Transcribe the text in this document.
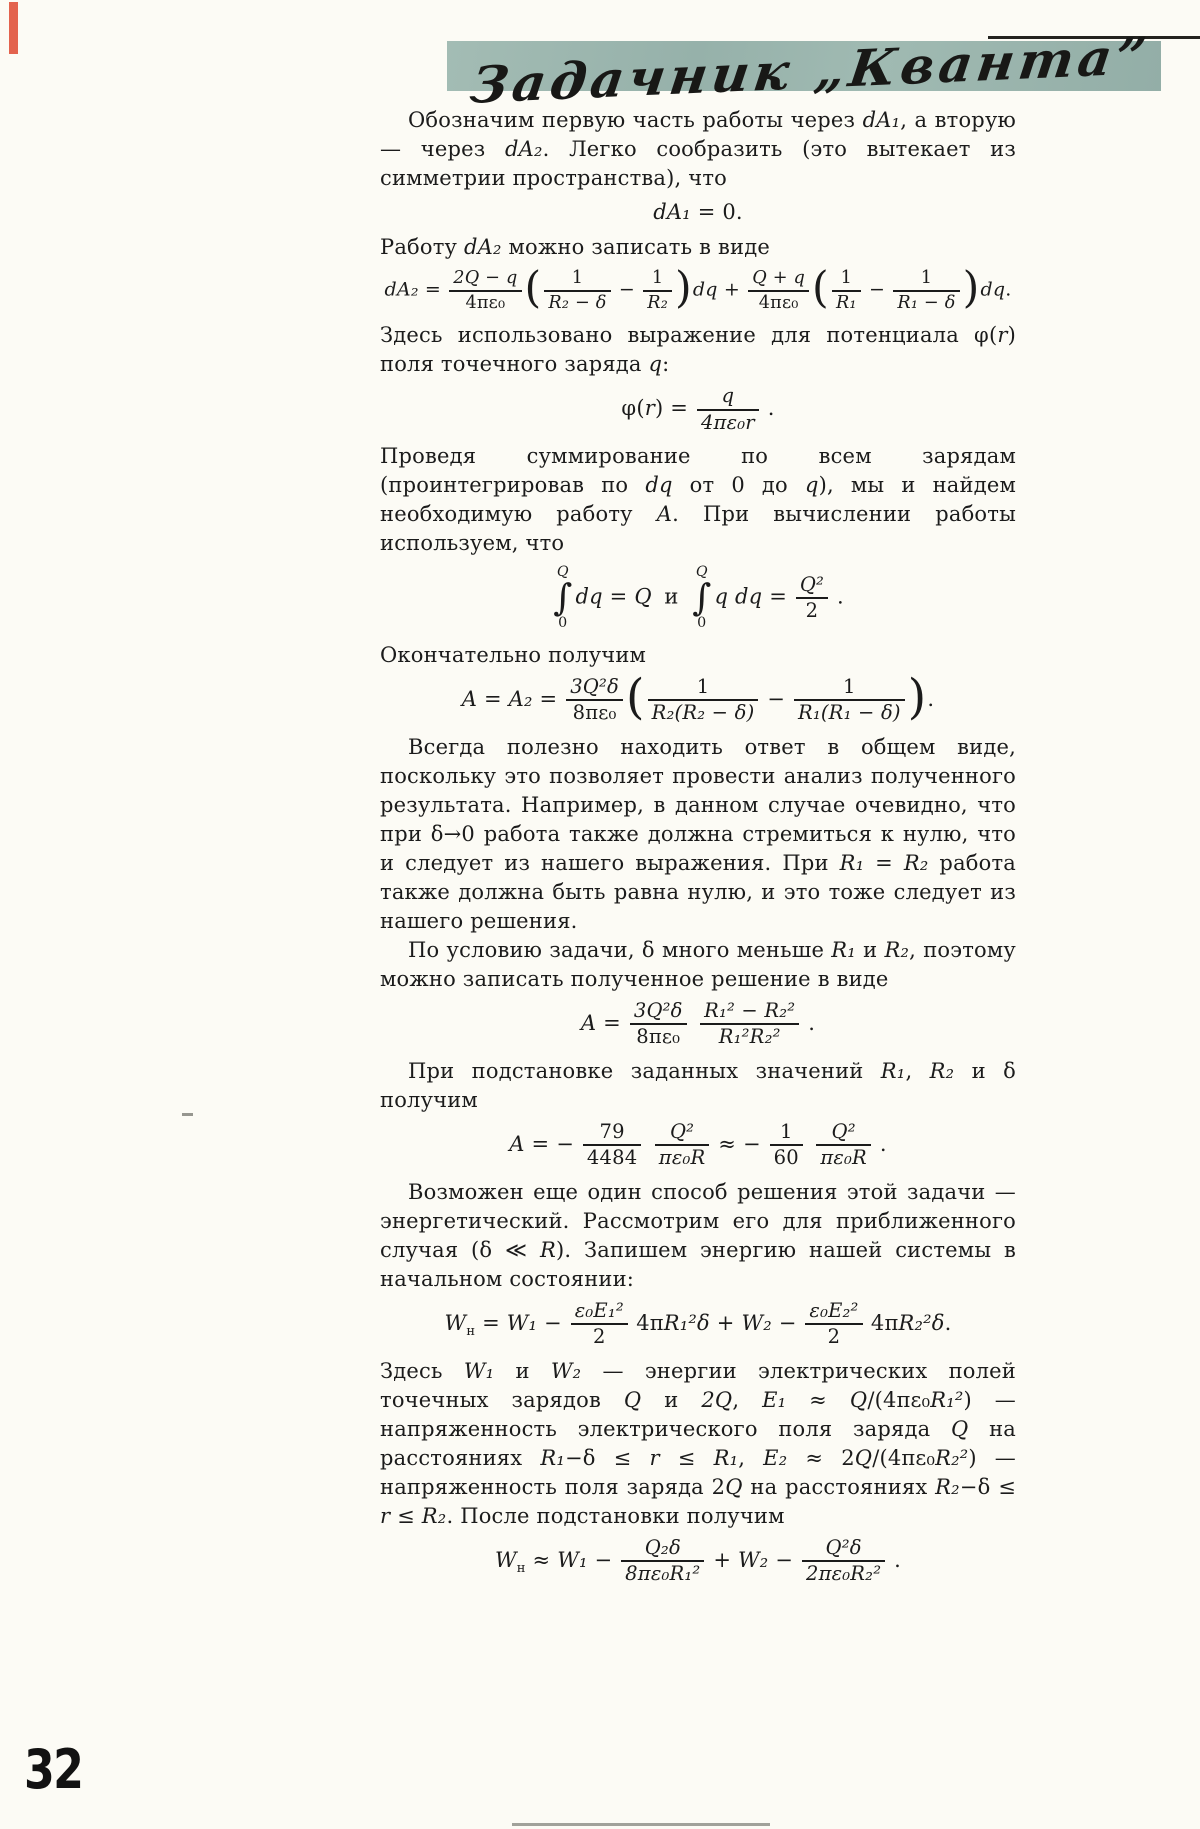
Задачник „Кванта”

Обозначим первую часть работы через dA₁, а вторую — через dA₂. Легко сообразить (это вытекает из симметрии пространства), что

dA₁ = 0.

Работу dA₂ можно записать в виде

$dA_2 = \frac{2Q - q}{\text{4πε₀}}$ ( $\frac{1}{\text{R₂ − δ}} - \frac{1}{\text{R₂}} )dq + \frac{Q + q}{\text{4πε₀}}$ ( $\frac{1}{\text{R₁}} - \frac{1}{\text{R₁ − δ}} )dq$.

Здесь использовано выражение для потенциала φ(r) поля точечного заряда q:

$\varphi(r) = \frac{q}{\text{4πε₀r}}$ .

Проведя суммирование по всем зарядам (проинтегрировав по dq от 0 до q), мы и найдем необходимую работу A. При вычислении работы используем, что

Q
∫
0
dq = Q и
Q
∫
0
q dq = $\frac{\text{Q²}}{2}$ .

Окончательно получим

$A = A_2 = \frac{\text{3Q²δ}}{\text{8πε₀}}$ ( $\frac{1}{\text{R₂(R₂ − δ)}} - \frac{1}{\text{R₁(R₁ − δ)}}$ ).

Всегда полезно находить ответ в общем виде, поскольку это позволяет провести анализ полученного результата. Например, в данном случае очевидно, что при δ→0 работа также должна стремиться к нулю, что и следует из нашего выражения. При R₁ = R₂ работа также должна быть равна нулю, и это тоже следует из нашего решения.

По условию задачи, δ много меньше R₁ и R₂, поэтому можно записать полученное решение в виде

$A = \frac{\text{3Q²δ}}{\text{8πε₀}} \frac{\text{R₁² − R₂²}}{\text{R₁²R₂²}}$ .

При подстановке заданных значений R₁, R₂ и δ получим

A = − $\frac{79}{4484} \frac{\text{Q²}}{\text{πε₀R}}$ ≈ − $\frac{1}{60} \frac{\text{Q²}}{\text{πε₀R}}$ .

Возможен еще один способ решения этой задачи — энергетический. Рассмотрим его для приближенного случая (δ ≪ R). Запишем энергию нашей системы в начальном состоянии:

$W_н = W_1 - \frac{\text{ε₀E₁²}}{2} 4\pi R_1^2\delta + W_2 - \frac{\text{ε₀E₂²}}{2} 4\pi R_2^2\delta$.

Здесь W₁ и W₂ — энергии электрических полей точечных зарядов Q и 2Q, E₁ ≈ Q/(4πε₀R₁²) — напряженность электрического поля заряда Q на расстояниях R₁−δ ≤ r ≤ R₁, E₂ ≈ 2Q/(4πε₀R₂²) — напряженность поля заряда 2Q на расстояниях R₂−δ ≤ r ≤ R₂. После подстановки получим

$W_н \approx W_1 - \frac{\text{Q₂δ}}{\text{8πε₀R₁²}} + W_2 - \frac{\text{Q²δ}}{\text{2πε₀R₂²}}$ .
32
